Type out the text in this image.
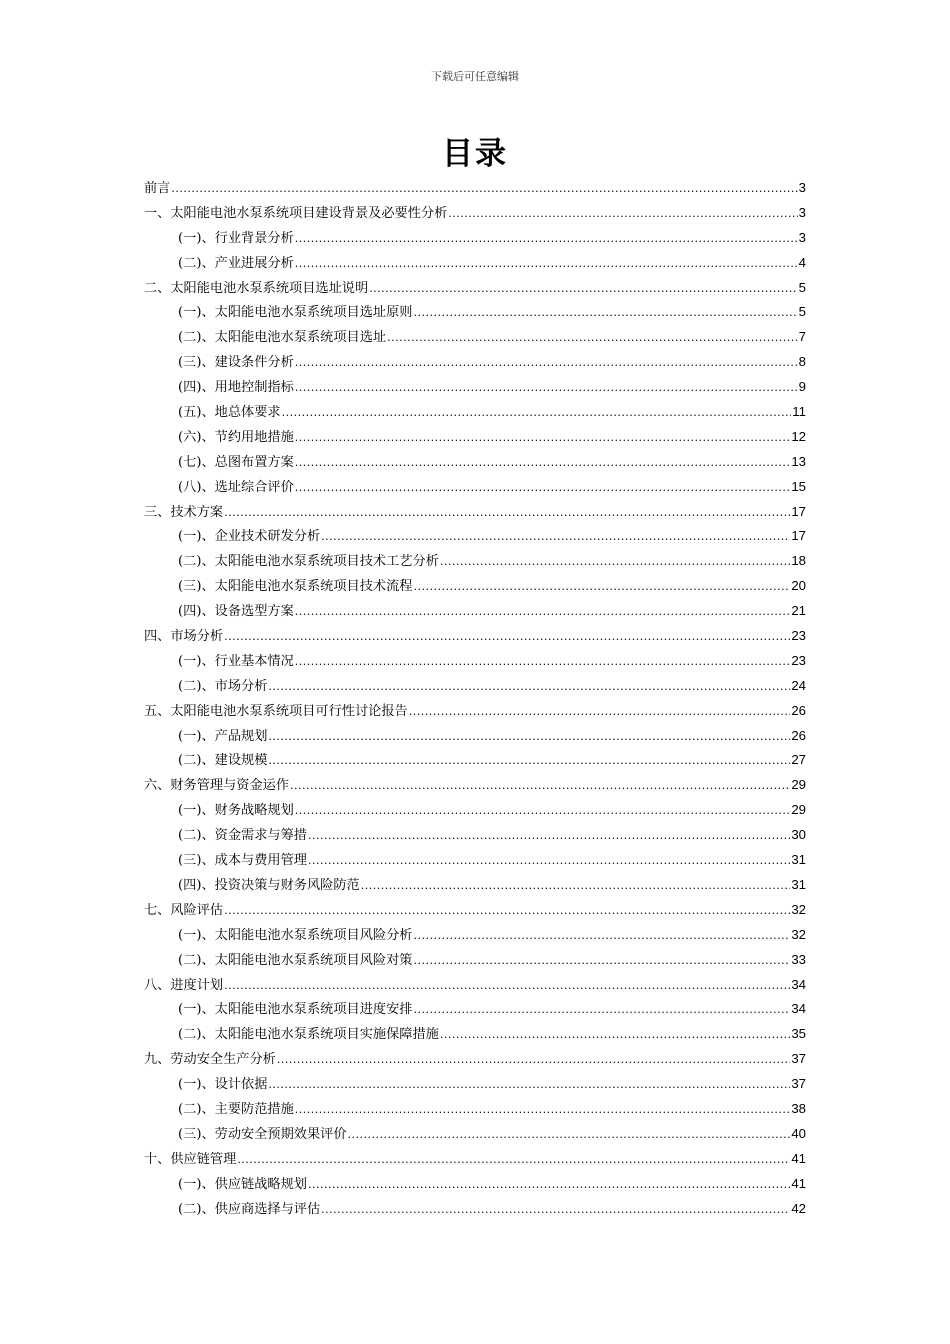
下载后可任意编辑
目录
前言 .....	3
一、太阳能电池水泵系统项目建设背景及必要性分析 .....	3
(一)、行业背景分析 .....	3
(二)、产业进展分析 .....	4
二、太阳能电池水泵系统项目选址说明 .....	5
(一)、太阳能电池水泵系统项目选址原则 .....	5
(二)、太阳能电池水泵系统项目选址 .....	7
(三)、建设条件分析 .....	8
(四)、用地控制指标 .....	9
(五)、地总体要求 .....	11
(六)、节约用地措施 .....	12
(七)、总图布置方案 .....	13
(八)、选址综合评价 .....	15
三、技术方案 .....	17
(一)、企业技术研发分析 .....	17
(二)、太阳能电池水泵系统项目技术工艺分析 .....	18
(三)、太阳能电池水泵系统项目技术流程 .....	20
(四)、设备选型方案 .....	21
四、市场分析 .....	23
(一)、行业基本情况 .....	23
(二)、市场分析 .....	24
五、太阳能电池水泵系统项目可行性讨论报告 .....	26
(一)、产品规划 .....	26
(二)、建设规模 .....	27
六、财务管理与资金运作 .....	29
(一)、财务战略规划 .....	29
(二)、资金需求与筹措 .....	30
(三)、成本与费用管理 .....	31
(四)、投资决策与财务风险防范 .....	31
七、风险评估 .....	32
(一)、太阳能电池水泵系统项目风险分析 .....	32
(二)、太阳能电池水泵系统项目风险对策 .....	33
八、进度计划 .....	34
(一)、太阳能电池水泵系统项目进度安排 .....	34
(二)、太阳能电池水泵系统项目实施保障措施 .....	35
九、劳动安全生产分析 .....	37
(一)、设计依据 .....	37
(二)、主要防范措施 .....	38
(三)、劳动安全预期效果评价 .....	40
十、供应链管理 .....	41
(一)、供应链战略规划 .....	41
(二)、供应商选择与评估 .....	42
